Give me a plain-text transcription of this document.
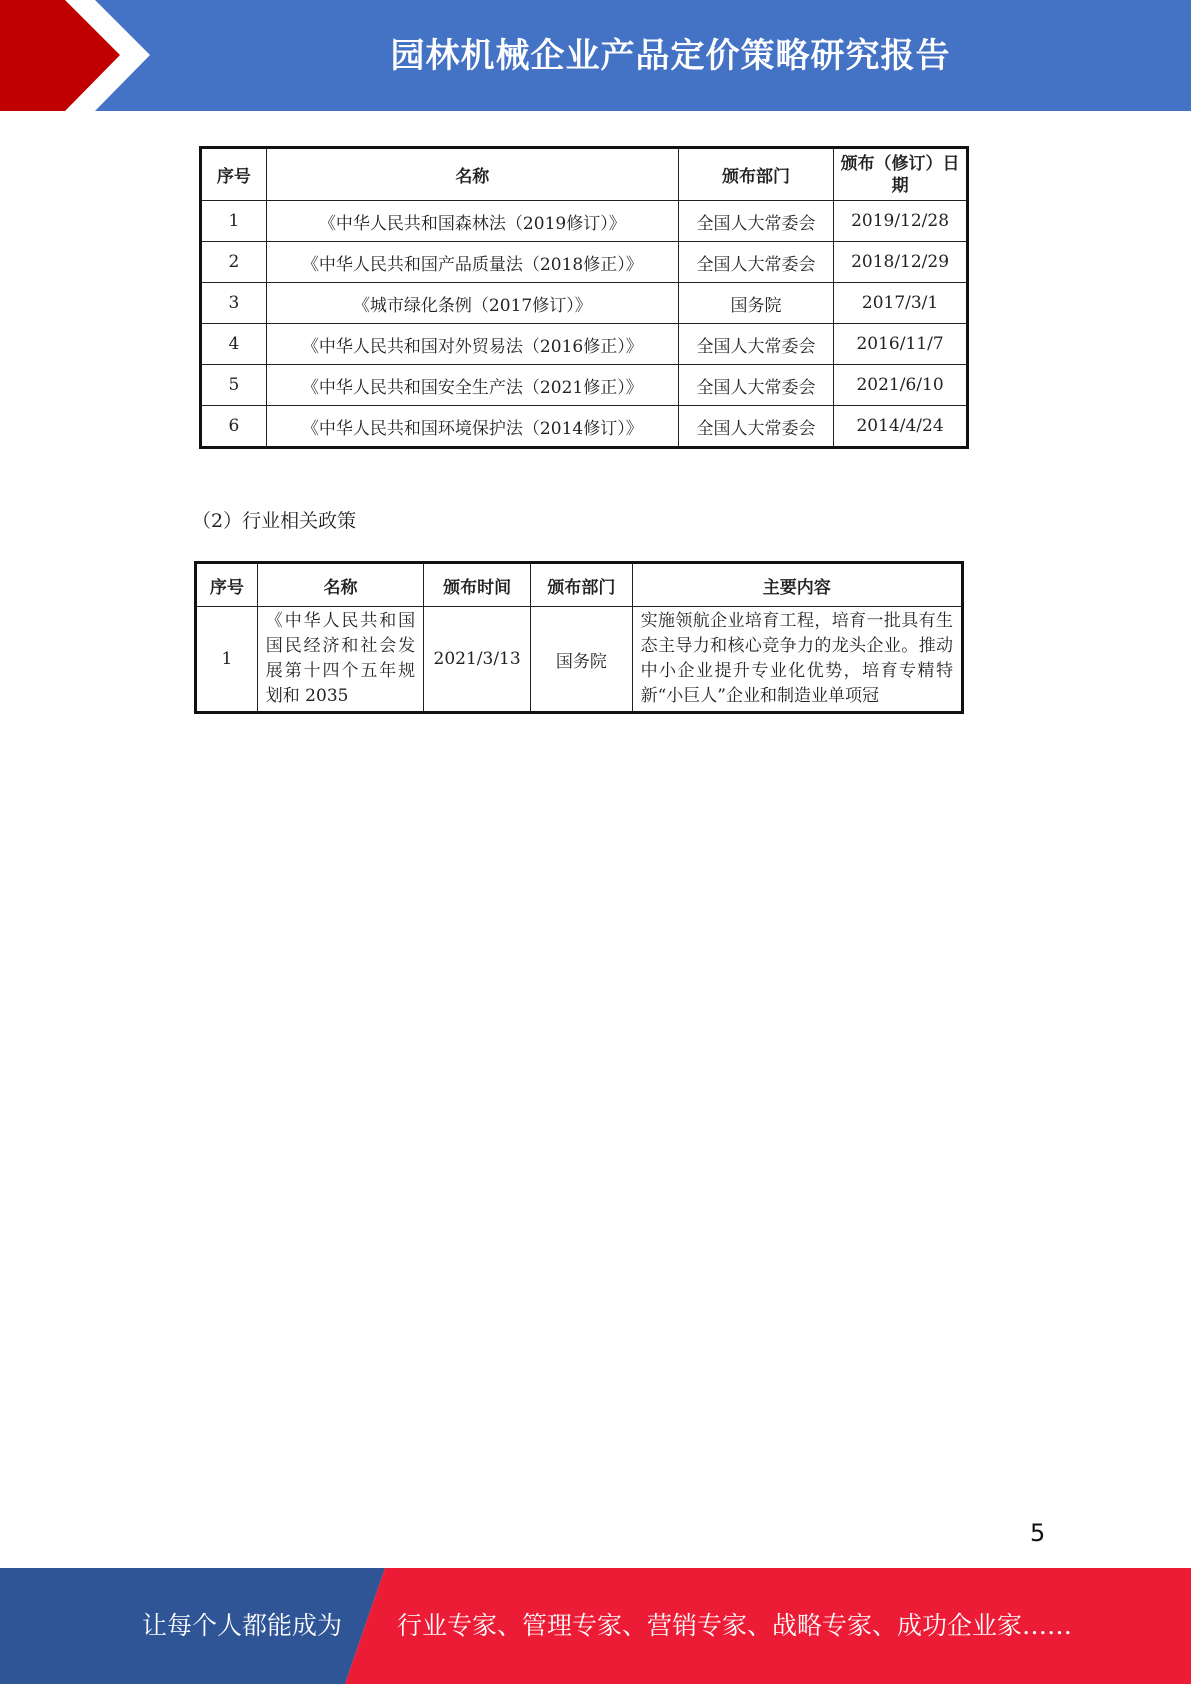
园林机械企业产品定价策略研究报告
序号	名称	颁布部门	颁布（修订）日期
1	《中华人民共和国森林法（2019修订）》	全国人大常委会	2019/12/28
2	《中华人民共和国产品质量法（2018修正）》	全国人大常委会	2018/12/29
3	《城市绿化条例（2017修订）》	国务院	2017/3/1
4	《中华人民共和国对外贸易法（2016修正）》	全国人大常委会	2016/11/7
5	《中华人民共和国安全生产法（2021修正）》	全国人大常委会	2021/6/10
6	《中华人民共和国环境保护法（2014修订）》	全国人大常委会	2014/4/24
（2）行业相关政策
序号	名称	颁布时间	颁布部门	主要内容
1	《中华人民共和国国民经济和社会发展第十四个五年规划和 2035	2021/3/13	国务院	实施领航企业培育工程，培育一批具有生态主导力和核心竞争力的龙头企业。推动中小企业提升专业化优势，培育专精特新“小巨人”企业和制造业单项冠
5
让每个人都能成为 行业专家、管理专家、营销专家、战略专家、成功企业家……
